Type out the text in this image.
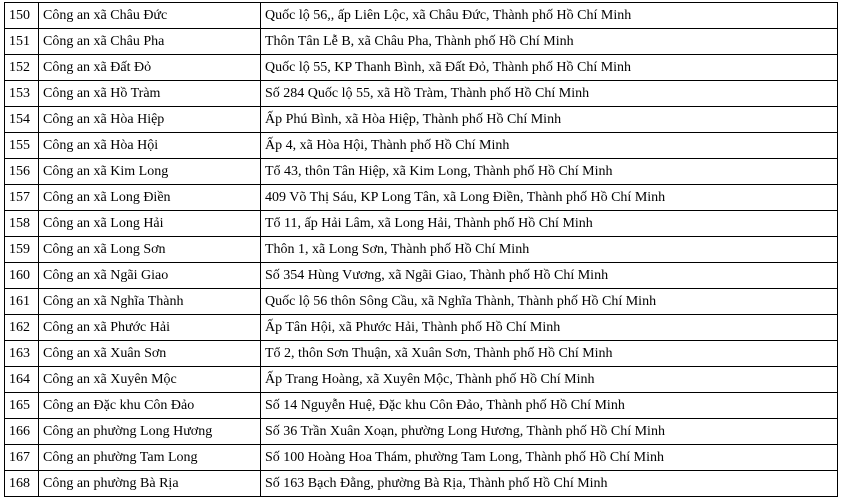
150	Công an xã Châu Đức	Quốc lộ 56,, ấp Liên Lộc, xã Châu Đức, Thành phố Hồ Chí Minh
151	Công an xã Châu Pha	Thôn Tân Lễ B, xã Châu Pha, Thành phố Hồ Chí Minh
152	Công an xã Đất Đỏ	Quốc lộ 55, KP Thanh Bình, xã Đất Đỏ, Thành phố Hồ Chí Minh
153	Công an xã Hồ Tràm	Số 284 Quốc lộ 55, xã Hồ Tràm, Thành phố Hồ Chí Minh
154	Công an xã Hòa Hiệp	Ấp Phú Bình, xã Hòa Hiệp, Thành phố Hồ Chí Minh
155	Công an xã Hòa Hội	Ấp 4, xã Hòa Hội, Thành phố Hồ Chí Minh
156	Công an xã Kim Long	Tổ 43, thôn Tân Hiệp, xã Kim Long, Thành phố Hồ Chí Minh
157	Công an xã Long Điền	409 Võ Thị Sáu, KP Long Tân, xã Long Điền, Thành phố Hồ Chí Minh
158	Công an xã Long Hải	Tổ 11, ấp Hải Lâm, xã Long Hải, Thành phố Hồ Chí Minh
159	Công an xã Long Sơn	Thôn 1, xã Long Sơn, Thành phố Hồ Chí Minh
160	Công an xã Ngãi Giao	Số 354 Hùng Vương, xã Ngãi Giao, Thành phố Hồ Chí Minh
161	Công an xã Nghĩa Thành	Quốc lộ 56 thôn Sông Cầu, xã Nghĩa Thành, Thành phố Hồ Chí Minh
162	Công an xã Phước Hải	Ấp Tân Hội, xã Phước Hải, Thành phố Hồ Chí Minh
163	Công an xã Xuân Sơn	Tổ 2, thôn Sơn Thuận, xã Xuân Sơn, Thành phố Hồ Chí Minh
164	Công an xã Xuyên Mộc	Ấp Trang Hoàng, xã Xuyên Mộc, Thành phố Hồ Chí Minh
165	Công an Đặc khu Côn Đảo	Số 14 Nguyễn Huệ, Đặc khu Côn Đảo, Thành phố Hồ Chí Minh
166	Công an phường Long Hương	Số 36 Trần Xuân Xoạn, phường Long Hương, Thành phố Hồ Chí Minh
167	Công an phường Tam Long	Số 100 Hoàng Hoa Thám, phường Tam Long, Thành phố Hồ Chí Minh
168	Công an phường Bà Rịa	Số 163 Bạch Đằng, phường Bà Rịa, Thành phố Hồ Chí Minh
